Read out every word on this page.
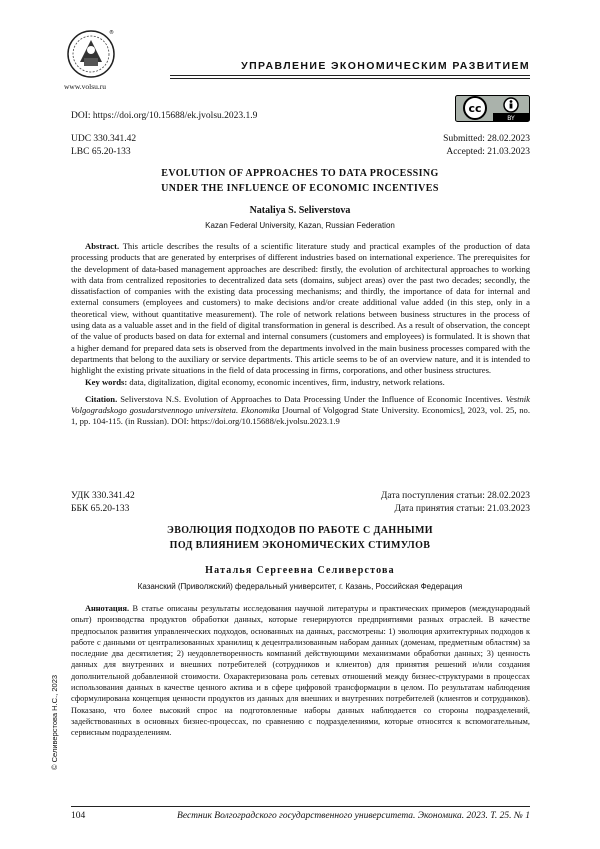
®
www.volsu.ru
УПРАВЛЕНИЕ ЭКОНОМИЧЕСКИМ РАЗВИТИЕМ
DOI: https://doi.org/10.15688/ek.jvolsu.2023.1.9
cc
BY
UDC 330.341.42
LBC 65.20-133
Submitted: 28.02.2023
Accepted: 21.03.2023
EVOLUTION OF APPROACHES TO DATA PROCESSING
UNDER THE INFLUENCE OF ECONOMIC INCENTIVES
Nataliya S. Seliverstova
Kazan Federal University, Kazan, Russian Federation

Abstract. This article describes the results of a scientific literature study and practical examples of the production of data processing products that are generated by enterprises of different industries based on international experience. The prerequisites for the development of data-based management approaches are described: firstly, the evolution of architectural approaches to working with data from centralized repositories to decentralized data sets (domains, subject areas) over the past two decades; secondly, the dissatisfaction of companies with the existing data processing mechanisms; and thirdly, the importance of data for internal and external consumers (employees and customers) to make decisions and/or create additional value added (in this step, only in a theoretical view, without quantitative measurement). The role of network relations between business structures in the process of using data as a valuable asset and in the field of digital transformation in general is described. As a result of observation, the concept of the value of products based on data for external and internal consumers (customers and employees) is formulated. It is shown that a higher demand for prepared data sets is observed from the departments involved in the main business processes compared with the departments that belong to the auxiliary or service departments. This article seems to be of an overview nature, and it is intended to highlight the existing private situations in the field of data processing in firms, corporations, and other business structures.

Key words: data, digitalization, digital economy, economic incentives, firm, industry, network relations.

Citation. Seliverstova N.S. Evolution of Approaches to Data Processing Under the Influence of Economic Incentives. Vestnik Volgogradskogo gosudarstvennogo universiteta. Ekonomika [Journal of Volgograd State University. Economics], 2023, vol. 25, no. 1, pp. 104-115. (in Russian). DOI: https://doi.org/10.15688/ek.jvolsu.2023.1.9

УДК 330.341.42
ББК 65.20-133
Дата поступления статьи: 28.02.2023
Дата принятия статьи: 21.03.2023
ЭВОЛЮЦИЯ ПОДХОДОВ ПО РАБОТЕ С ДАННЫМИ
ПОД ВЛИЯНИЕМ ЭКОНОМИЧЕСКИХ СТИМУЛОВ
Наталья Сергеевна Селиверстова
Казанский (Приволжский) федеральный университет, г. Казань, Российская Федерация

Аннотация. В статье описаны результаты исследования научной литературы и практических примеров (международный опыт) производства продуктов обработки данных, которые генерируются предприятиями разных отраслей. В качестве предпосылок развития управленческих подходов, основанных на данных, рассмотрены: 1) эволюция архитектурных подходов к работе с данными от централизованных хранилищ к децентрализованным наборам данных (доменам, предметным областям) за последние два десятилетия; 2) неудовлетворенность компаний действующими механизмами обработки данных; 3) ценность данных для внутренних и внешних потребителей (сотрудников и клиентов) для принятия решений и/или создания дополнительной добавленной стоимости. Охарактеризована роль сетевых отношений между бизнес-структурами в процессах использования данных в качестве ценного актива и в сфере цифровой трансформации в целом. По результатам наблюдения сформулирована концепция ценности продуктов из данных для внешних и внутренних потребителей (клиентов и сотрудников). Показано, что более высокий спрос на подготовленные наборы данных наблюдается со стороны подразделений, задействованных в основных бизнес-процессах, по сравнению с подразделениями, которые относятся к вспомогательным, сервисным подразделениям.

© Селиверстова Н.С., 2023
104	Вестник Волгоградского государственного университета. Экономика. 2023. Т. 25. № 1
